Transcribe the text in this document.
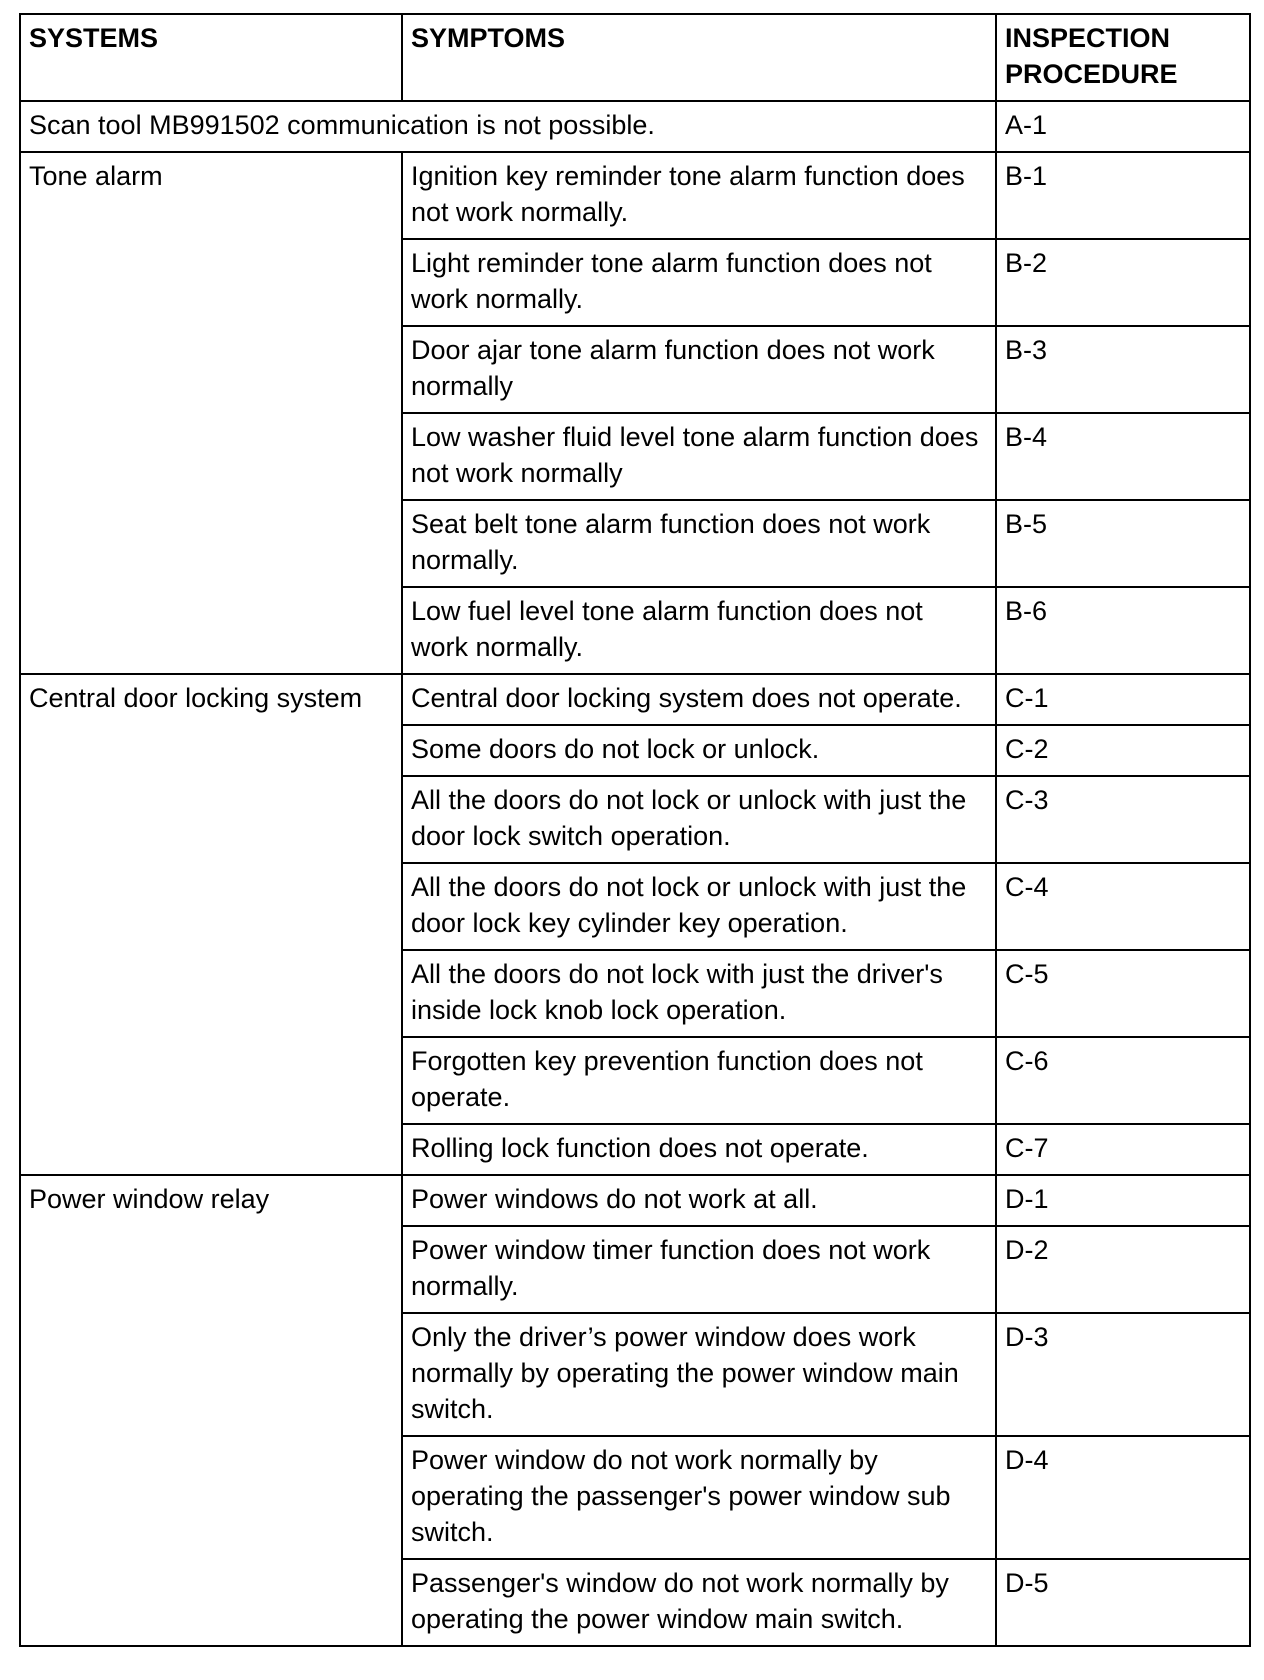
SYSTEMS	SYMPTOMS	INSPECTION PROCEDURE
Scan tool MB991502 communication is not possible.		A-1
Tone alarm	Ignition key reminder tone alarm function does not work normally.	B-1
	Light reminder tone alarm function does not work normally.	B-2
	Door ajar tone alarm function does not work normally	B-3
	Low washer fluid level tone alarm function does not work normally	B-4
	Seat belt tone alarm function does not work normally.	B-5
	Low fuel level tone alarm function does not work normally.	B-6
Central door locking system	Central door locking system does not operate.	C-1
	Some doors do not lock or unlock.	C-2
	All the doors do not lock or unlock with just the door lock switch operation.	C-3
	All the doors do not lock or unlock with just the door lock key cylinder key operation.	C-4
	All the doors do not lock with just the driver's inside lock knob lock operation.	C-5
	Forgotten key prevention function does not operate.	C-6
	Rolling lock function does not operate.	C-7
Power window relay	Power windows do not work at all.	D-1
	Power window timer function does not work normally.	D-2
	Only the driver’s power window does work normally by operating the power window main switch.	D-3
	Power window do not work normally by operating the passenger's power window sub switch.	D-4
	Passenger's window do not work normally by operating the power window main switch.	D-5
